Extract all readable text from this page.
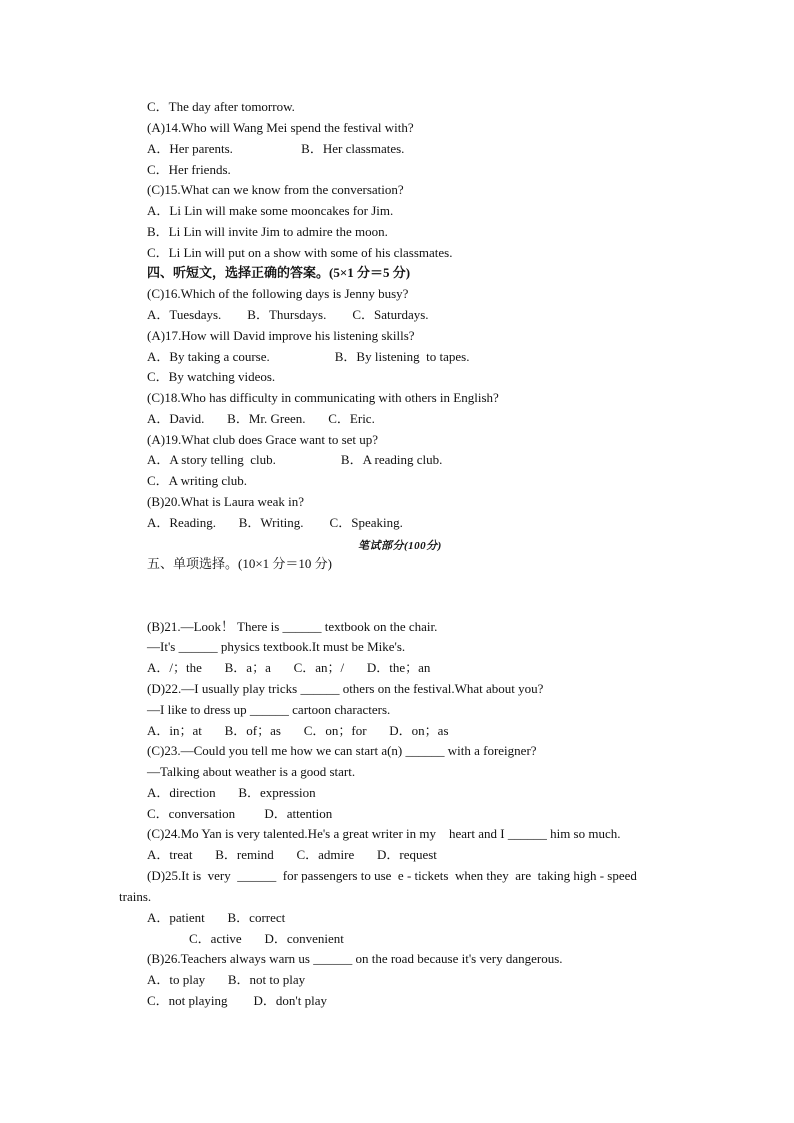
C．The day after tomorrow.
(A)14.Who will Wang Mei spend the festival with?
A．Her parents.                     B．Her classmates.
C．Her friends.
(C)15.What can we know from the conversation?
A．Li Lin will make some mooncakes for Jim.
B．Li Lin will invite Jim to admire the moon.
C．Li Lin will put on a show with some of his classmates.
四、听短文，选择正确的答案。(5×1 分＝5 分)
(C)16.Which of the following days is Jenny busy?
A．Tuesdays.        B．Thursdays.        C．Saturdays.
(A)17.How will David improve his listening skills?
A．By taking a course.                    B．By listening  to tapes.
C．By watching videos.
(C)18.Who has difficulty in communicating with others in English?
A．David.       B．Mr. Green.       C．Eric.
(A)19.What club does Grace want to set up?
A．A story telling  club.                    B．A reading club.
C．A writing club.
(B)20.What is Laura weak in?
A．Reading.       B．Writing.        C．Speaking.
笔试部分(100分)
五、单项选择。(10×1 分＝10 分)
(B)21.—Look！ There is ______ textbook on the chair.
—It's ______ physics textbook.It must be Mike's.
A．/；the       B．a；a       C．an；/       D．the；an
(D)22.—I usually play tricks ______ others on the festival.What about you?
—I like to dress up ______ cartoon characters.
A．in；at       B．of；as       C．on；for       D．on；as
(C)23.—Could you tell me how we can start a(n) ______ with a foreigner?
—Talking about weather is a good start.
A．direction       B．expression
C．conversation         D．attention
(C)24.Mo Yan is very talented.He's a great writer in my    heart and I ______ him so much.
A．treat       B．remind       C．admire       D．request
(D)25.It is  very  ______  for passengers to use  e - tickets  when they  are  taking high - speed
trains.
A．patient       B．correct
C．active       D．convenient
(B)26.Teachers always warn us ______ on the road because it's very dangerous.
A．to play       B．not to play
C．not playing        D．don't play
